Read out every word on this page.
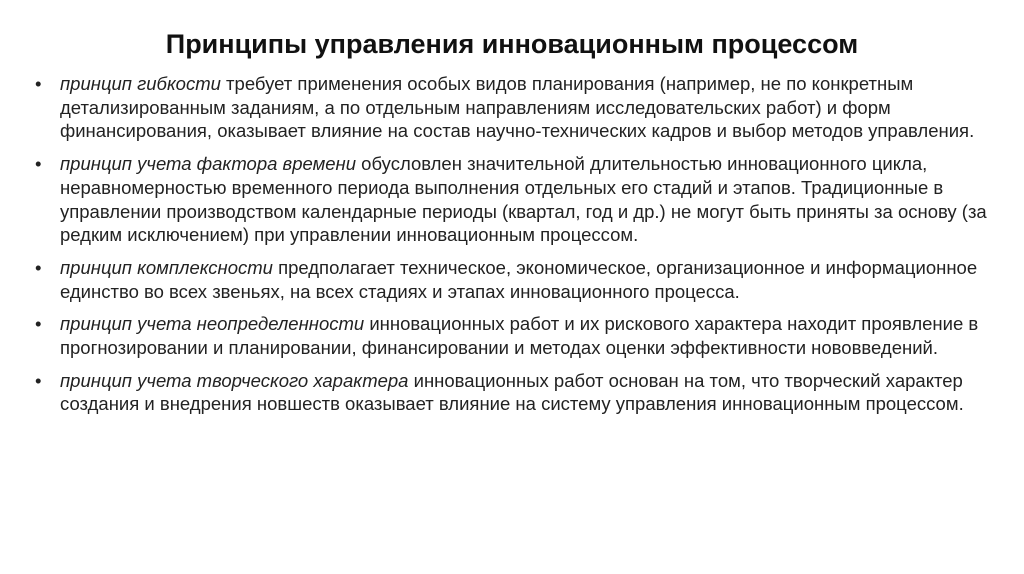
Принципы управления инновационным процессом
•	принцип гибкости требует применения особых видов планирования (например, не по конкретным детализированным заданиям, а по отдельным направлениям исследовательских работ) и форм финансирования, оказывает влияние на состав научно-технических кадров и выбор методов управления.
•	принцип учета фактора времени обусловлен значительной длительностью инновационного цикла, неравномерностью временного периода выполнения отдельных его стадий и этапов. Традиционные в управлении производством календарные периоды (квартал, год и др.) не могут быть приняты за основу (за редким исключением) при управлении инновационным процессом.
•	принцип комплексности предполагает техническое, экономическое, организационное и информационное единство во всех звеньях, на всех стадиях и этапах инновационного процесса.
•	принцип учета неопределенности инновационных работ и их рискового характера находит проявление в прогнозировании и планировании, финансировании и методах оценки эффективности нововведений.
•	принцип учета творческого характера инновационных работ основан на том, что творческий характер создания и внедрения новшеств оказывает влияние на систему управления инновационным процессом.
